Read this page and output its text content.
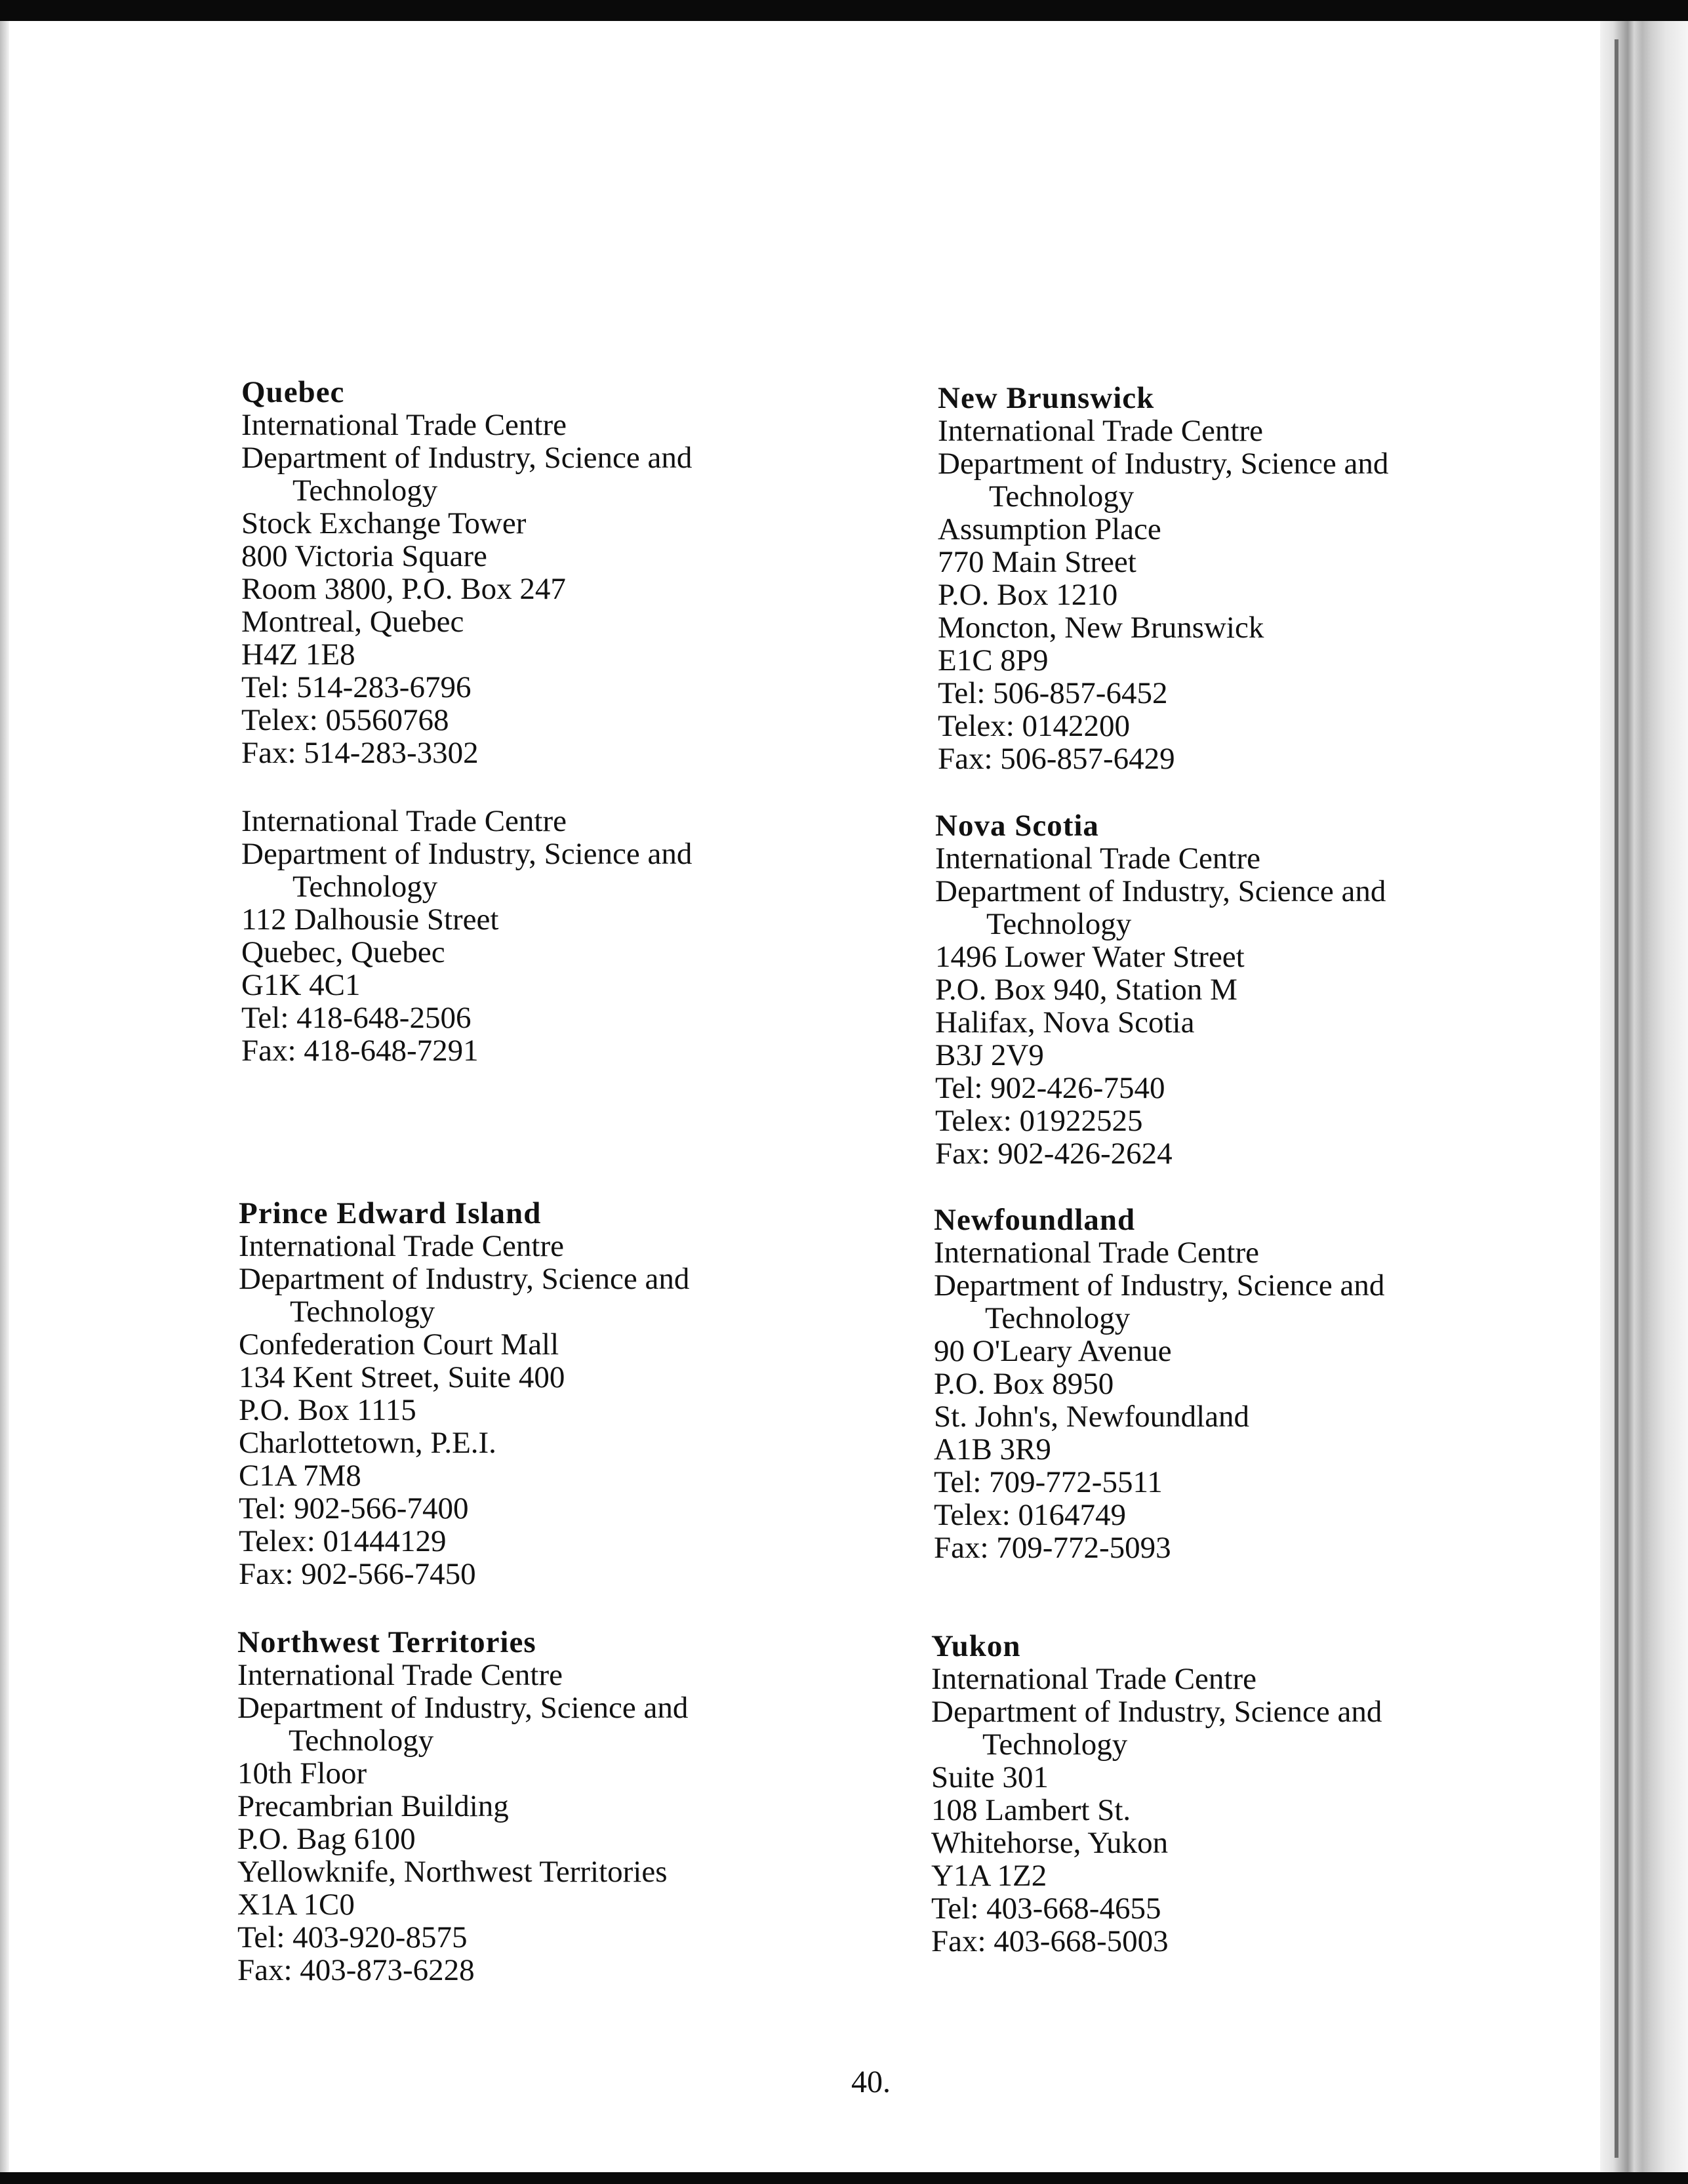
Quebec
International Trade Centre
Department of Industry, Science and
Technology
Stock Exchange Tower
800 Victoria Square
Room 3800, P.O. Box 247
Montreal, Quebec
H4Z 1E8
Tel: 514-283-6796
Telex: 05560768
Fax: 514-283-3302
International Trade Centre
Department of Industry, Science and
Technology
112 Dalhousie Street
Quebec, Quebec
G1K 4C1
Tel: 418-648-2506
Fax: 418-648-7291
Prince Edward Island
International Trade Centre
Department of Industry, Science and
Technology
Confederation Court Mall
134 Kent Street, Suite 400
P.O. Box 1115
Charlottetown, P.E.I.
C1A 7M8
Tel: 902-566-7400
Telex: 01444129
Fax: 902-566-7450
Northwest Territories
International Trade Centre
Department of Industry, Science and
Technology
10th Floor
Precambrian Building
P.O. Bag 6100
Yellowknife, Northwest Territories
X1A 1C0
Tel: 403-920-8575
Fax: 403-873-6228
New Brunswick
International Trade Centre
Department of Industry, Science and
Technology
Assumption Place
770 Main Street
P.O. Box 1210
Moncton, New Brunswick
E1C 8P9
Tel: 506-857-6452
Telex: 0142200
Fax: 506-857-6429
Nova Scotia
International Trade Centre
Department of Industry, Science and
Technology
1496 Lower Water Street
P.O. Box 940, Station M
Halifax, Nova Scotia
B3J 2V9
Tel: 902-426-7540
Telex: 01922525
Fax: 902-426-2624
Newfoundland
International Trade Centre
Department of Industry, Science and
Technology
90 O'Leary Avenue
P.O. Box 8950
St. John's, Newfoundland
A1B 3R9
Tel: 709-772-5511
Telex: 0164749
Fax: 709-772-5093
Yukon
International Trade Centre
Department of Industry, Science and
Technology
Suite 301
108 Lambert St.
Whitehorse, Yukon
Y1A 1Z2
Tel: 403-668-4655
Fax: 403-668-5003
40.
